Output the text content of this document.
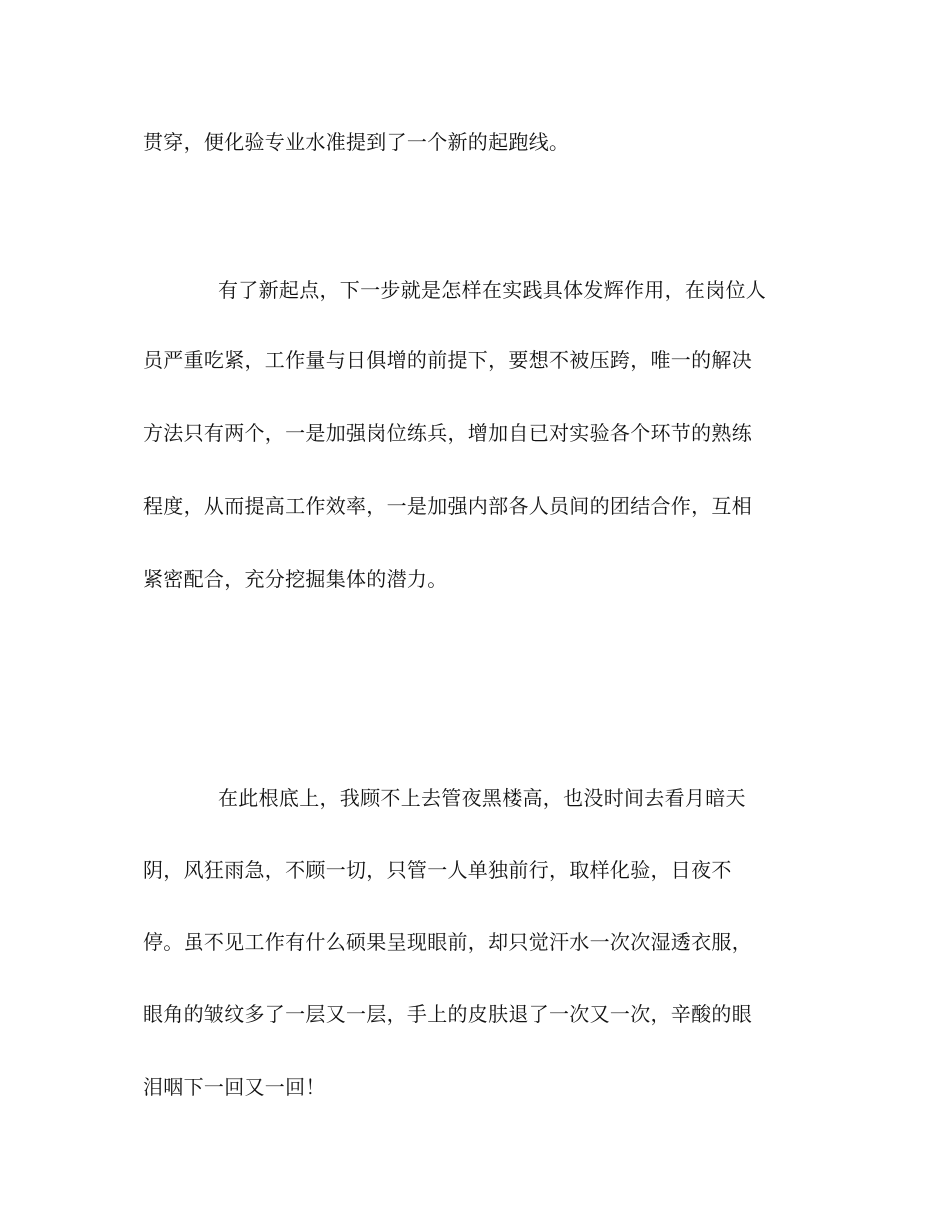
贯穿，便化验专业水准提到了一个新的起跑线。
有了新起点，下一步就是怎样在实践具体发辉作用，在岗位人
员严重吃紧，工作量与日俱增的前提下，要想不被压跨，唯一的解决
方法只有两个，一是加强岗位练兵，增加自已对实验各个环节的熟练
程度，从而提高工作效率，一是加强内部各人员间的团结合作，互相
紧密配合，充分挖掘集体的潜力。
在此根底上，我顾不上去管夜黑楼高，也没时间去看月暗天
阴，风狂雨急，不顾一切，只管一人单独前行，取样化验，日夜不
停。虽不见工作有什么硕果呈现眼前，却只觉汗水一次次湿透衣服，
眼角的皱纹多了一层又一层，手上的皮肤退了一次又一次，辛酸的眼
泪咽下一回又一回！
